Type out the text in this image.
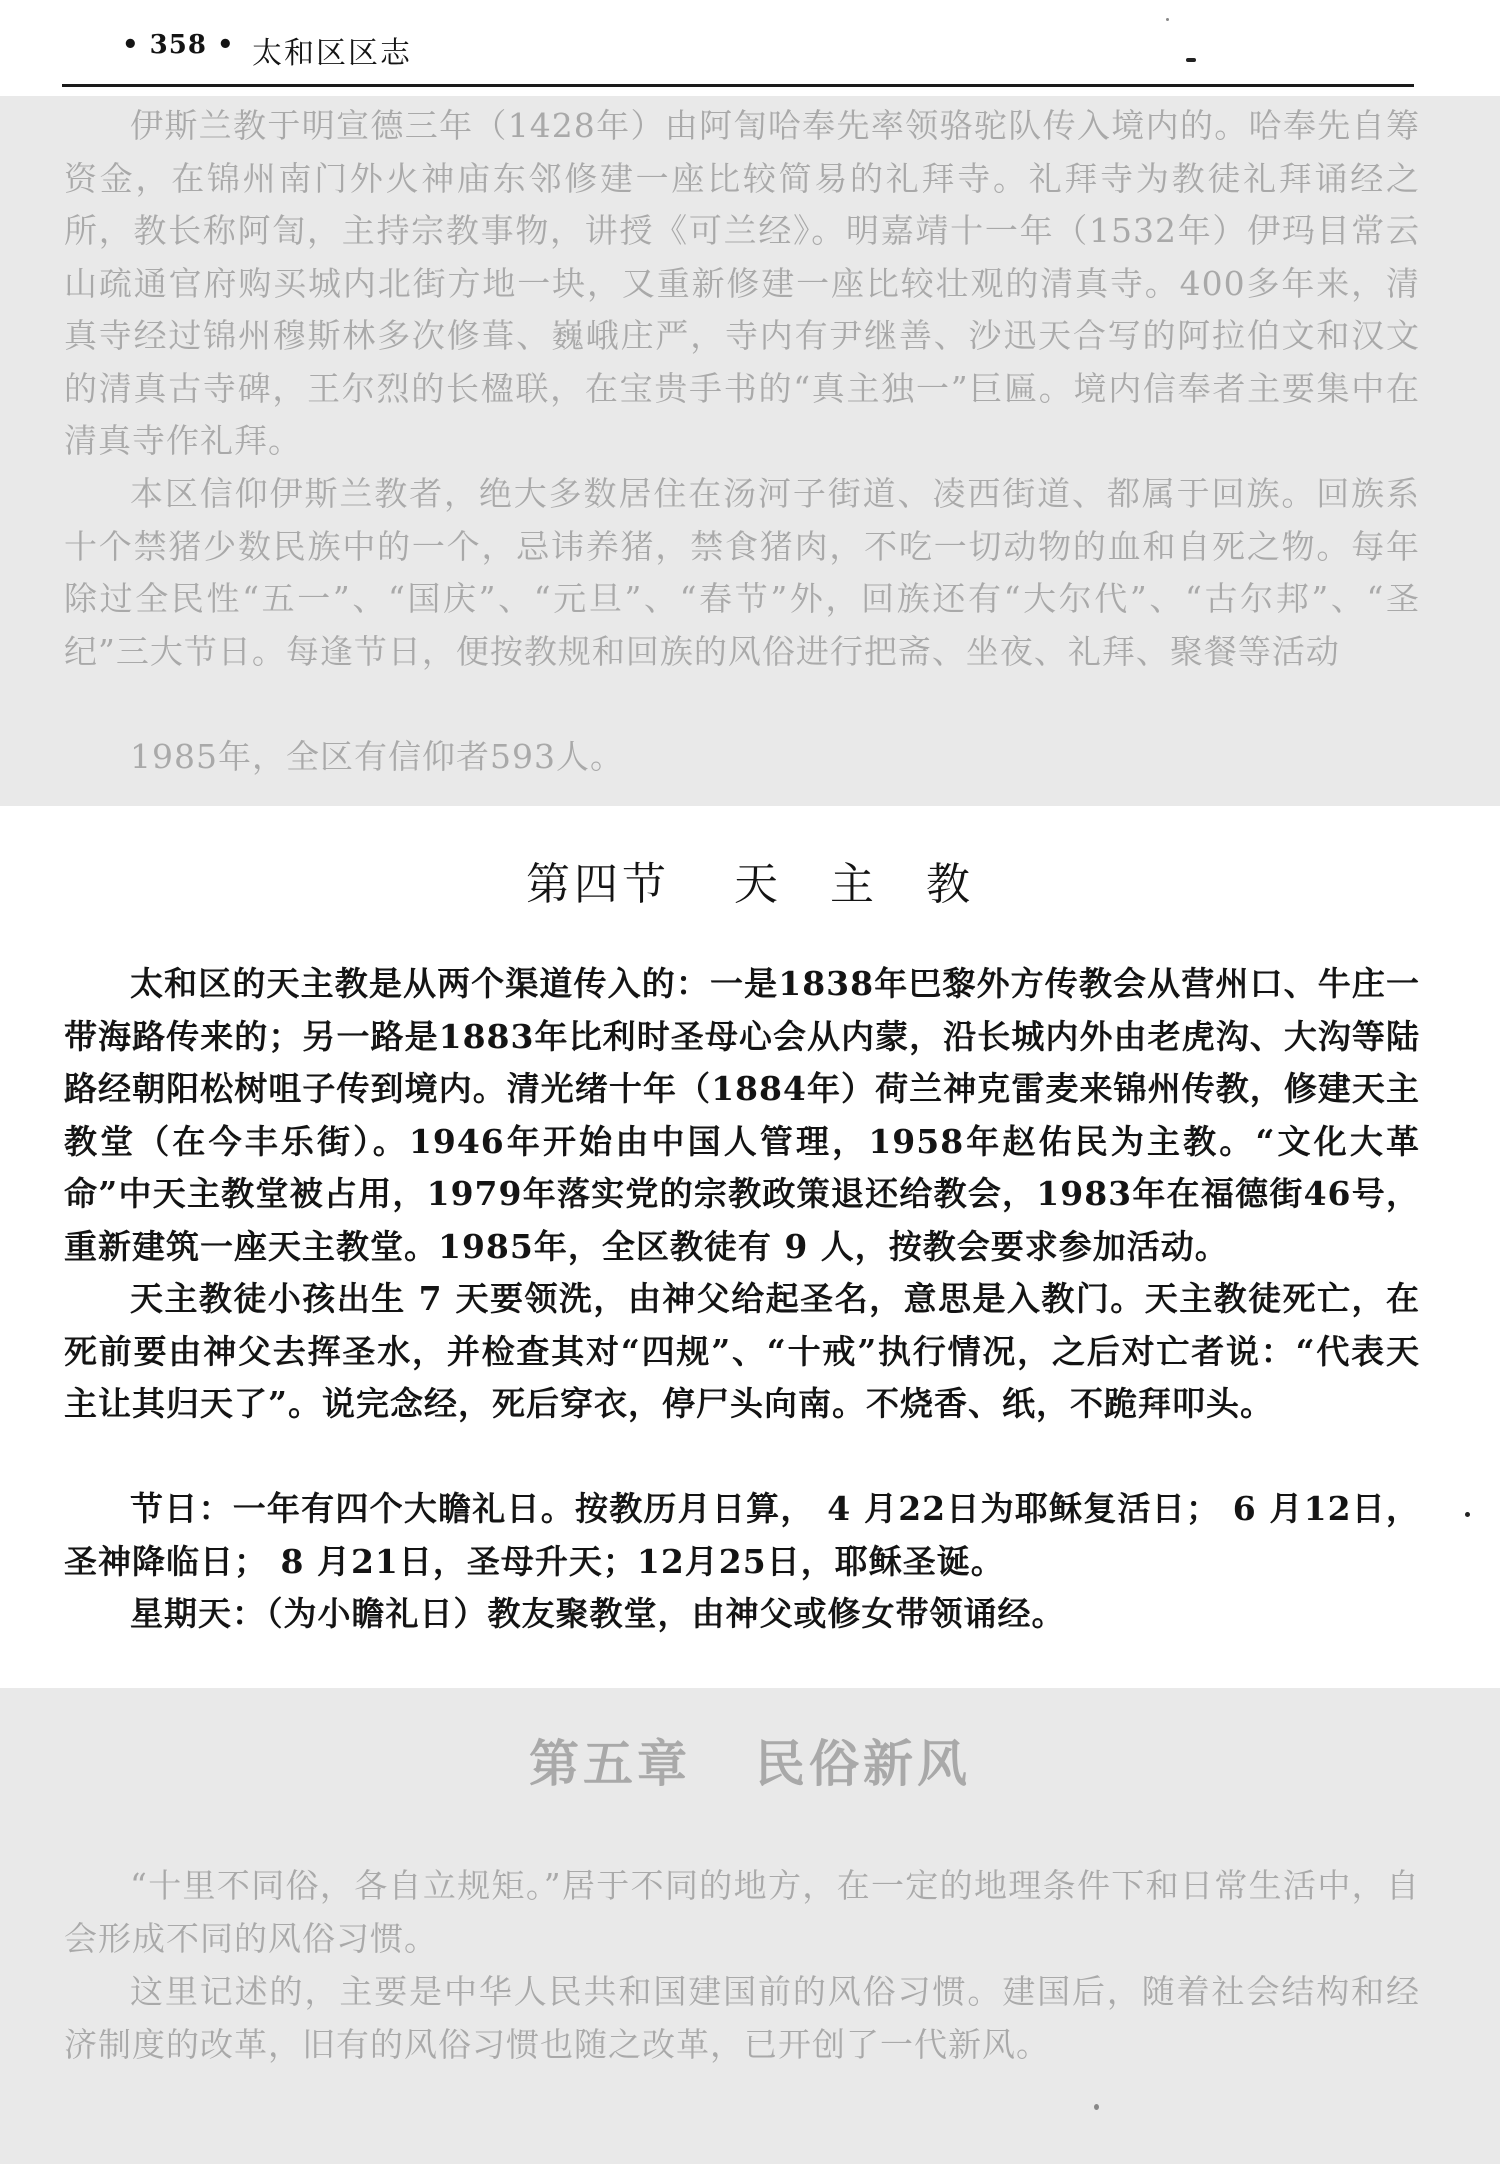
• 358 • 太和区区志

伊斯兰教于明宣德三年（1428年）由阿訇哈奉先率领骆驼队传入境内的。哈奉先自筹资金，在锦州南门外火神庙东邻修建一座比较简易的礼拜寺。礼拜寺为教徒礼拜诵经之所，教长称阿訇，主持宗教事物，讲授《可兰经》。明嘉靖十一年（1532年）伊玛目常云山疏通官府购买城内北街方地一块，又重新修建一座比较壮观的清真寺。400多年来，清真寺经过锦州穆斯林多次修葺、巍峨庄严，寺内有尹继善、沙迅天合写的阿拉伯文和汉文的清真古寺碑，王尔烈的长楹联，在宝贵手书的“真主独一”巨匾。境内信奉者主要集中在清真寺作礼拜。

本区信仰伊斯兰教者，绝大多数居住在汤河子街道、凌西街道、都属于回族。回族系十个禁猪少数民族中的一个，忌讳养猪，禁食猪肉，不吃一切动物的血和自死之物。每年除过全民性“五一”、“国庆”、“元旦”、“春节”外，回族还有“大尔代”、“古尔邦”、“圣纪”三大节日。每逢节日，便按教规和回族的风俗进行把斋、坐夜、礼拜、聚餐等活动

1985年，全区有信仰者593人。

第四节 天　主　教

太和区的天主教是从两个渠道传入的：一是1838年巴黎外方传教会从营州口、牛庄一带海路传来的；另一路是1883年比利时圣母心会从内蒙，沿长城内外由老虎沟、大沟等陆路经朝阳松树咀子传到境内。清光绪十年（1884年）荷兰神克雷麦来锦州传教，修建天主教堂（在今丰乐街）。1946年开始由中国人管理，1958年赵佑民为主教。“文化大革命”中天主教堂被占用，1979年落实党的宗教政策退还给教会，1983年在福德街46号，重新建筑一座天主教堂。1985年，全区教徒有 9 人，按教会要求参加活动。

天主教徒小孩出生 7 天要领洗，由神父给起圣名，意思是入教门。天主教徒死亡，在死前要由神父去挥圣水，并检查其对“四规”、“十戒”执行情况，之后对亡者说：“代表天主让其归天了”。说完念经，死后穿衣，停尸头向南。不烧香、纸，不跪拜叩头。

节日：一年有四个大瞻礼日。按教历月日算， 4 月22日为耶稣复活日； 6 月12日，圣神降临日； 8 月21日，圣母升天；12月25日，耶稣圣诞。

星期天：（为小瞻礼日）教友聚教堂，由神父或修女带领诵经。

第五章 民俗新风

“十里不同俗，各自立规矩。”居于不同的地方，在一定的地理条件下和日常生活中，自会形成不同的风俗习惯。

这里记述的，主要是中华人民共和国建国前的风俗习惯。建国后，随着社会结构和经济制度的改革，旧有的风俗习惯也随之改革，已开创了一代新风。
